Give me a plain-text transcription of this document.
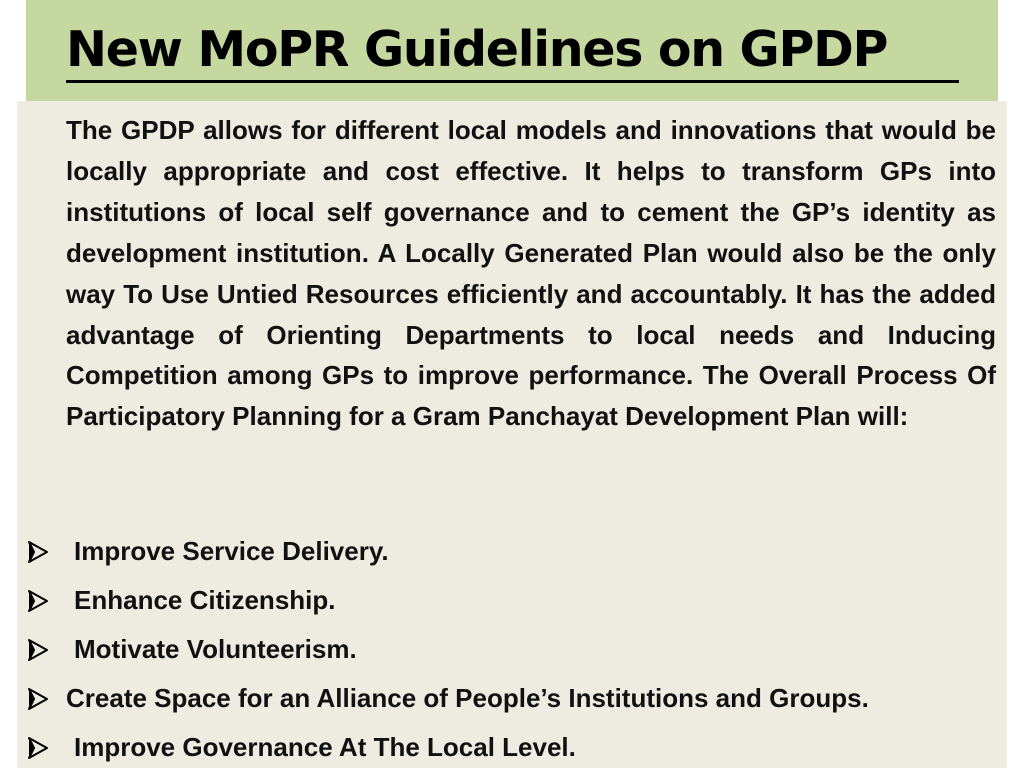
New MoPR Guidelines on GPDP

The GPDP allows for different local models and innovations that would be locally appropriate and cost effective. It helps to transform GPs into institutions of local self governance and to cement the GP’s identity as development institution. A Locally Generated Plan would also be the only way To Use Untied Resources efficiently and accountably. It has the added advantage of Orienting Departments to local needs and Inducing Competition among GPs to improve performance. The Overall Process Of Participatory Planning for a Gram Panchayat Development Plan will:

Improve Service Delivery.
Enhance Citizenship.
Motivate Volunteerism.
Create Space for an Alliance of People’s Institutions and Groups.
Improve Governance At The Local Level.
